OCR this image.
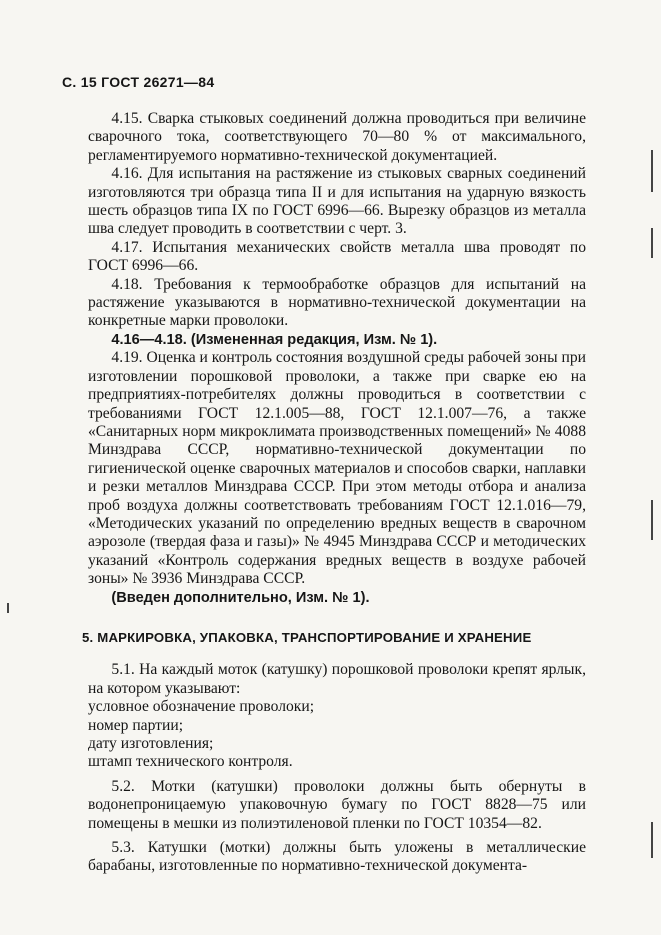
С. 15 ГОСТ 26271—84

4.15. Сварка стыковых соединений должна проводиться при величине сварочного тока, соответствующего 70—80 % от максимального, регламентируемого нормативно-технической документацией.

4.16. Для испытания на растяжение из стыковых сварных соединений изготовляются три образца типа II и для испытания на ударную вязкость шесть образцов типа IX по ГОСТ 6996—66. Вырезку образцов из металла шва следует проводить в соответствии с черт. 3.

4.17. Испытания механических свойств металла шва проводят по ГОСТ 6996—66.

4.18. Требования к термообработке образцов для испытаний на растяжение указываются в нормативно-технической документации на конкретные марки проволоки.

4.16—4.18. (Измененная редакция, Изм. № 1).

4.19. Оценка и контроль состояния воздушной среды рабочей зоны при изготовлении порошковой проволоки, а также при сварке ею на предприятиях-потребителях должны проводиться в соответствии с требованиями ГОСТ 12.1.005—88, ГОСТ 12.1.007—76, а также «Санитарных норм микроклимата производственных помещений» № 4088 Минздрава СССР, нормативно-технической документации по гигиенической оценке сварочных материалов и способов сварки, наплавки и резки металлов Минздрава СССР. При этом методы отбора и анализа проб воздуха должны соответствовать требованиям ГОСТ 12.1.016—79, «Методических указаний по определению вредных веществ в сварочном аэрозоле (твердая фаза и газы)» № 4945 Минздрава СССР и методических указаний «Контроль содержания вредных веществ в воздухе рабочей зоны» № 3936 Минздрава СССР.

(Введен дополнительно, Изм. № 1).

5. МАРКИРОВКА, УПАКОВКА, ТРАНСПОРТИРОВАНИЕ И ХРАНЕНИЕ

5.1. На каждый моток (катушку) порошковой проволоки крепят ярлык, на котором указывают:

условное обозначение проволоки;

номер партии;

дату изготовления;

штамп технического контроля.

5.2. Мотки (катушки) проволоки должны быть обернуты в водонепроницаемую упаковочную бумагу по ГОСТ 8828—75 или помещены в мешки из полиэтиленовой пленки по ГОСТ 10354—82.

5.3. Катушки (мотки) должны быть уложены в металлические барабаны, изготовленные по нормативно-технической документа-
